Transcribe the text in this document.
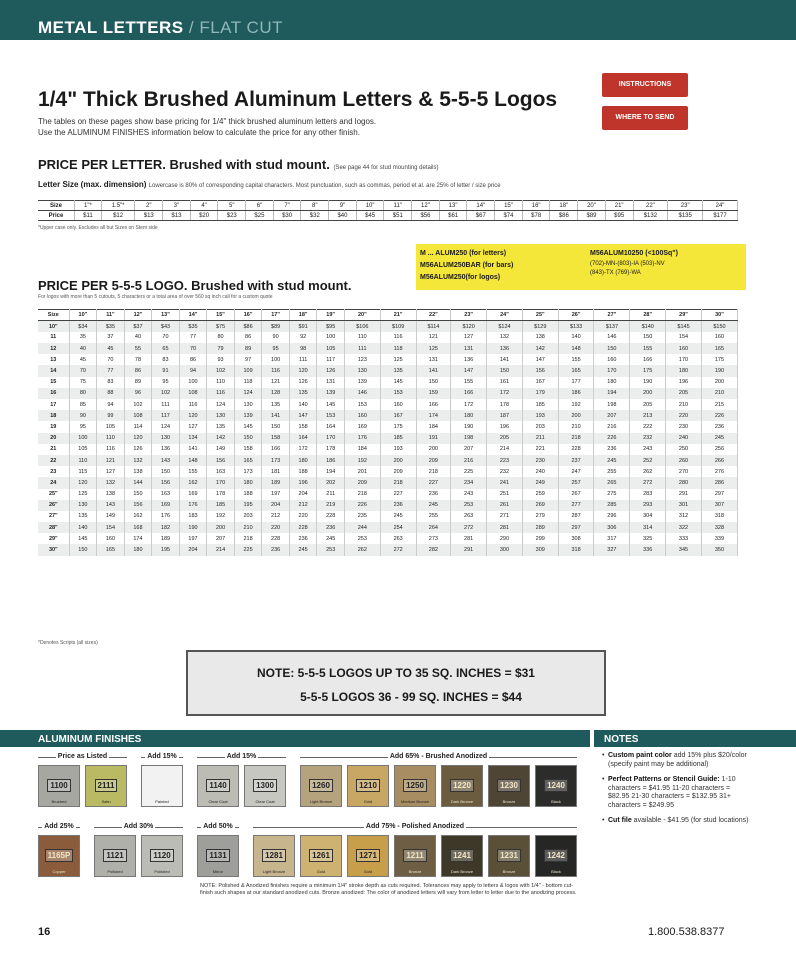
METAL LETTERS / FLAT CUT
1/4" Thick Brushed Aluminum Letters & 5-5-5 Logos
The tables on these pages show base pricing for 1/4" thick brushed aluminum letters and logos.
Use the ALUMINUM FINISHES information below to calculate the price for any other finish.
INSTRUCTIONS
WHERE TO SEND
PRICE PER LETTER. Brushed with stud mount. (See page 44 for stud mounting details)
Letter Size (max. dimension) Lowercase is 80% of corresponding capital characters. Most punctuation, such as commas, period et al. are 25% of letter / size price
Size	1"*	1.5"*	2"	3"	4"	5"	6"	7"	8"	9"	10"	11"	12"	13"	14"	15"	16"	18"	20"	21"	22"	23"	24"
Price	$11	$12	$13	$13	$20	$23	$25	$30	$32	$40	$45	$51	$56	$61	$67	$74	$78	$86	$89	$95	$132	$135	$177
*Upper case only. Excludes all but Sizes on Stem side
M ... ALUM250 (for letters)
M56ALUM250BAR (for bars)
M56ALUM250(for logos)
M56ALUM10250 (<100Sq")
(702)-MN-(803)-IA (503)-NV
(843)-TX (769)-WA
PRICE PER 5-5-5 LOGO. Brushed with stud mount.
For logos with more than 5 cutouts, 5 characters or a total area of over 560 sq inch call for a custom quote
Size	10"	11"	12"	13"	14"	15"	16"	17"	18"	19"	20"	21"	22"	23"	24"	25"	26"	27"	28"	29"	30"
10"	$34	$35	$37	$43	$35	$75	$86	$89	$91	$95	$106	$109	$114	$120	$124	$129	$133	$137	$140	$145	$150
11	35	37	40	70	77	80	86	90	92	100	110	116	121	127	132	138	140	146	150	154	160
12	40	45	55	65	70	79	89	95	98	105	111	118	125	131	136	142	148	150	155	160	165
13	45	70	78	83	86	93	97	100	111	117	123	125	131	136	141	147	155	160	166	170	175
14	70	77	86	91	94	102	109	116	120	126	130	135	141	147	150	156	165	170	175	180	190
15	75	83	89	95	100	110	118	121	126	131	139	145	150	155	161	167	177	180	190	196	200
16	80	88	96	102	108	116	124	128	135	139	146	153	159	166	172	179	186	194	200	205	210
17	85	94	102	111	116	124	130	135	140	145	153	160	166	172	178	185	192	198	205	210	215
18	90	99	108	117	120	130	139	141	147	153	160	167	174	180	187	193	200	207	213	220	226
19	95	105	114	124	127	135	145	150	158	164	169	175	184	190	196	203	210	216	222	230	236
20	100	110	120	130	134	142	150	158	164	170	176	185	191	198	205	211	218	226	232	240	245
21	105	116	126	136	141	149	158	166	172	178	184	193	200	207	214	221	228	236	243	250	256
22	110	121	132	143	148	156	165	173	180	186	192	200	209	216	223	230	237	245	252	260	266
23	115	127	138	150	155	163	173	181	188	194	201	209	218	225	232	240	247	255	262	270	276
24	120	132	144	156	162	170	180	189	196	202	209	218	227	234	241	249	257	265	272	280	286
25"	125	138	150	163	169	178	188	197	204	211	218	227	236	243	251	259	267	275	283	291	297
26"	130	143	156	169	176	185	195	204	212	219	226	236	245	253	261	269	277	285	293	301	307
27"	135	149	162	176	183	192	203	212	220	228	235	245	255	263	271	279	287	296	304	312	318
28"	140	154	168	182	190	200	210	220	228	236	244	254	264	272	281	289	297	306	314	322	328
29"	145	160	174	189	197	207	218	228	236	245	253	263	273	281	290	299	308	317	325	333	339
30"	150	165	180	195	204	214	225	236	245	253	262	272	282	291	300	309	318	327	336	345	350
*Denotes Scripts (all sizes)
NOTE: 5-5-5 LOGOS UP TO 35 SQ. INCHES = $31
5-5-5 LOGOS 36 - 99 SQ. INCHES = $44
ALUMINUM FINISHES	NOTES
Price as Listed
1100
Brushed
2111
Satin
Add 15%
Painted
Add 15%
1140
Clear Coat
1300
Clear Coat
Add 65% - Brushed Anodized
1260
Light Bronze
1210
Gold
1250
Medium Bronze
1220
Dark Bronze
1230
Bronze
1240
Black
Add 25%
1165P
Copper
Add 30%
1121
Polished
1120
Polished
Add 50%
1131
Mirror
Add 75% - Polished Anodized
1281
Light Bronze
1261
Gold
1271
Gold
1211
Bronze
1241
Dark Bronze
1231
Bronze
1242
Black
NOTE: Polished & Anodized finishes require a minimum 1/4" stroke depth as cuts required. Tolerances may apply to letters & logos with 1/4" - bottom cut-finish such shapes at our standard anodized cuts. Bronze anodized: The color of anodized letters will vary from letter to letter due to the anodizing process.
• Custom paint color add 15% plus $20/color (specify paint may be additional)
• Perfect Patterns or Stencil Guide: 1-10 characters = $41.95 11-20 characters = $82.95 21-30 characters = $132.95 31+ characters = $249.95
• Cut file available - $41.95 (for stud locations)
16	1.800.538.8377
